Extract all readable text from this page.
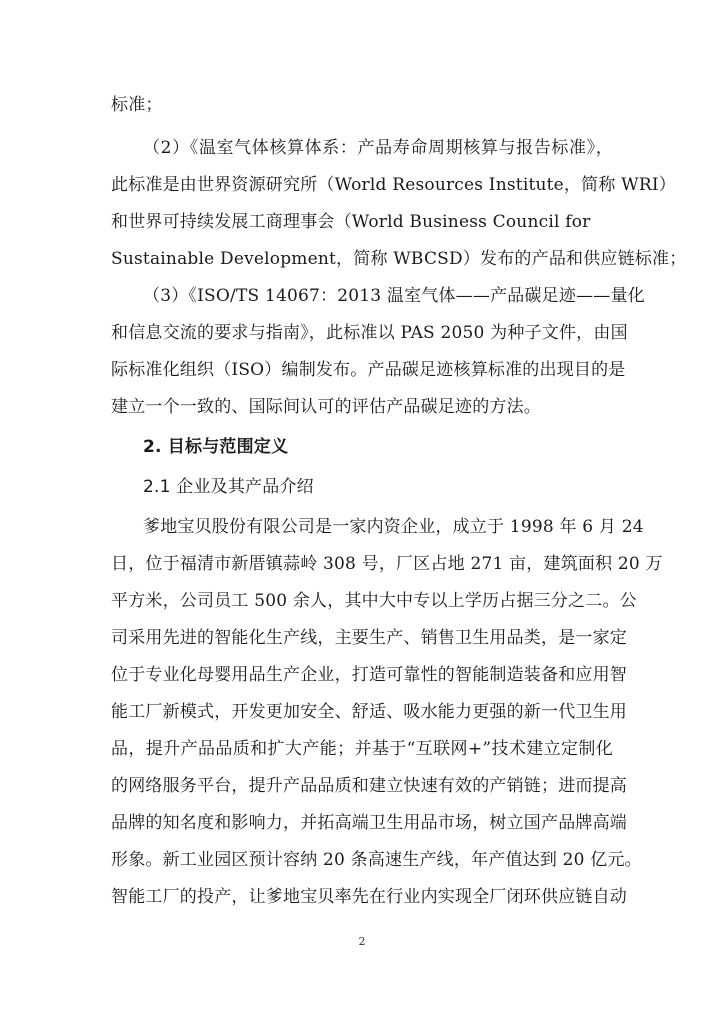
标准；
（2）《温室气体核算体系：产品寿命周期核算与报告标准》，
此标准是由世界资源研究所（World Resources Institute，简称 WRI）
和世界可持续发展工商理事会（World Business Council for
Sustainable Development，简称 WBCSD）发布的产品和供应链标准；
（3）《ISO/TS 14067：2013 温室气体——产品碳足迹——量化
和信息交流的要求与指南》，此标准以 PAS 2050 为种子文件，由国
际标准化组织（ISO）编制发布。产品碳足迹核算标准的出现目的是
建立一个一致的、国际间认可的评估产品碳足迹的方法。
2. 目标与范围定义
2.1 企业及其产品介绍
爹地宝贝股份有限公司是一家内资企业，成立于 1998 年 6 月 24
日，位于福清市新厝镇蒜岭 308 号，厂区占地 271 亩，建筑面积 20 万
平方米，公司员工 500 余人，其中大中专以上学历占据三分之二。公
司采用先进的智能化生产线，主要生产、销售卫生用品类，是一家定
位于专业化母婴用品生产企业，打造可靠性的智能制造装备和应用智
能工厂新模式，开发更加安全、舒适、吸水能力更强的新一代卫生用
品，提升产品品质和扩大产能；并基于“互联网+”技术建立定制化
的网络服务平台，提升产品品质和建立快速有效的产销链；进而提高
品牌的知名度和影响力，并拓高端卫生用品市场，树立国产品牌高端
形象。新工业园区预计容纳 20 条高速生产线，年产值达到 20 亿元。
智能工厂的投产，让爹地宝贝率先在行业内实现全厂闭环供应链自动
2
